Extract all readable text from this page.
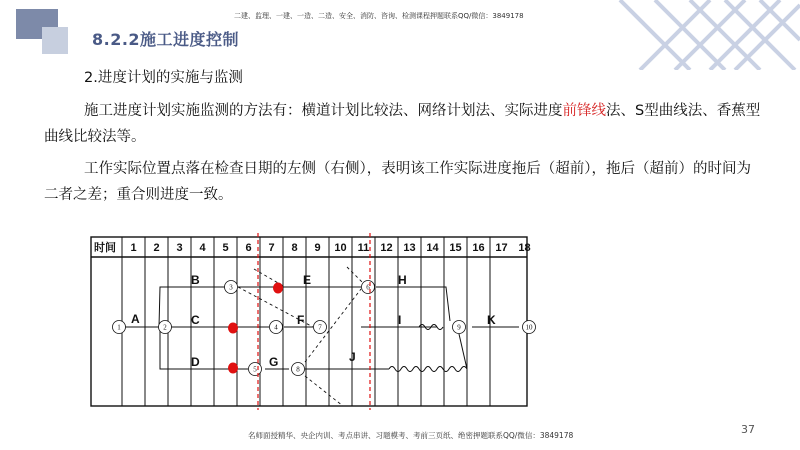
8.2.2施工进度控制
二建、监理、一建、一造、二造、安全、消防、咨询、检测课程押题联系QQ/微信：3849178
2.进度计划的实施与监测
施工进度计划实施监测的方法有：横道计划比较法、网络计划法、实际进度前锋线法、S型曲线法、香蕉型曲线比较法等。
工作实际位置点落在检查日期的左侧（右侧），表明该工作实际进度拖后（超前），拖后（超前）的时间为二者之差；重合则进度一致。
时间 1 2 3 4 5 6 7 8 9 10 11 12 13 14 15 16 17 18
1	2
3
4
5
6
7
8
9	10
A
B
C
D
E
F
G
H
I
J
K
名师面授精华、央企内训、考点串讲、习题模考、考前三页纸、绝密押题联系QQ/微信：3849178	37
